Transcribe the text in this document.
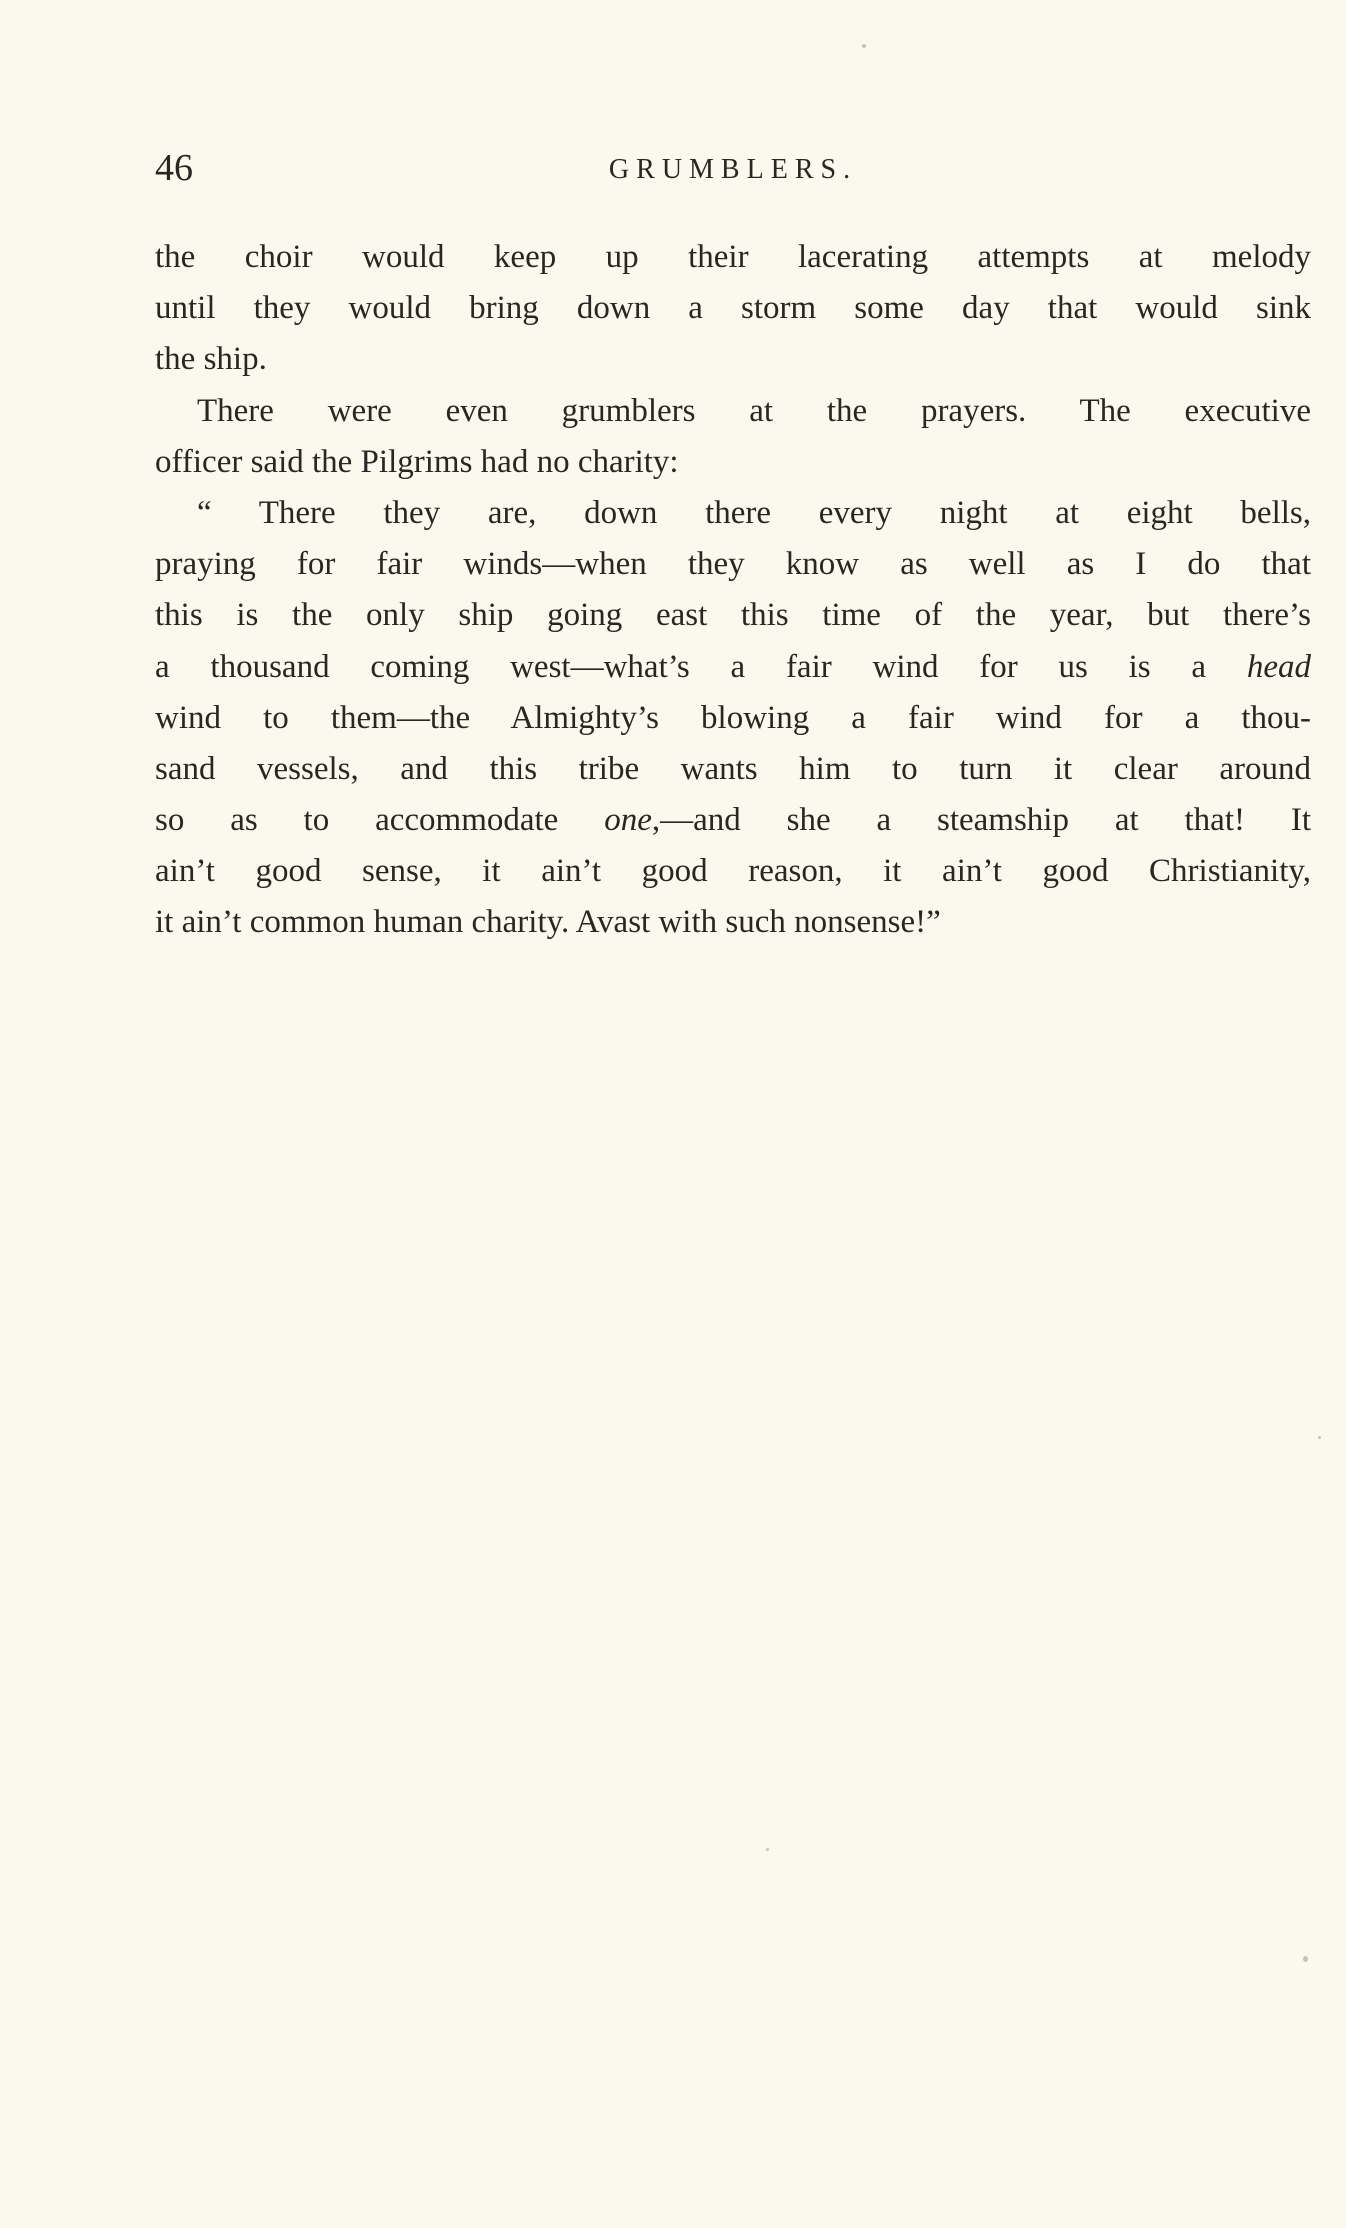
46	GRUMBLERS.
the choir would keep up their lacerating attempts at melody
until they would bring down a storm some day that would sink
the ship.
There were even grumblers at the prayers. The executive
officer said the Pilgrims had no charity:
“ There they are, down there every night at eight bells,
praying for fair winds—when they know as well as I do that
this is the only ship going east this time of the year, but there’s
a thousand coming west—what’s a fair wind for us is a head
wind to them—the Almighty’s blowing a fair wind for a thou-
sand vessels, and this tribe wants him to turn it clear around
so as to accommodate one,—and she a steamship at that! It
ain’t good sense, it ain’t good reason, it ain’t good Christianity,
it ain’t common human charity. Avast with such nonsense!”
